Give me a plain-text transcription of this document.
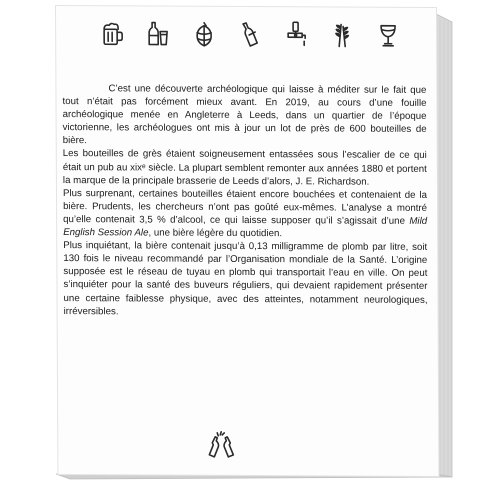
C’est une découverte archéologique qui laisse à méditer sur le fait que tout n’était pas forcément mieux avant. En 2019, au cours d’une fouille archéologique menée en Angleterre à Leeds, dans un quartier de l’époque victorienne, les archéologues ont mis à jour un lot de près de 600 bouteilles de bière.

Les bouteilles de grès étaient soigneusement entassées sous l’escalier de ce qui était un pub au xixᵉ siècle. La plupart semblent remonter aux années 1880 et portent la marque de la principale brasserie de Leeds d’alors, J. E. Richardson.

Plus surprenant, certaines bouteilles étaient encore bouchées et contenaient de la bière. Prudents, les chercheurs n’ont pas goûté eux-mêmes. L’analyse a montré qu’elle contenait 3,5 % d’alcool, ce qui laisse supposer qu’il s’agissait d’une Mild English Session Ale, une bière légère du quotidien.

Plus inquiétant, la bière contenait jusqu’à 0,13 milligramme de plomb par litre, soit 130 fois le niveau recommandé par l’Organisation mondiale de la Santé. L’origine supposée est le réseau de tuyau en plomb qui transportait l’eau en ville. On peut s’inquiéter pour la santé des buveurs réguliers, qui devaient rapidement présenter une certaine faiblesse physique, avec des atteintes, notamment neurologiques, irréversibles.
